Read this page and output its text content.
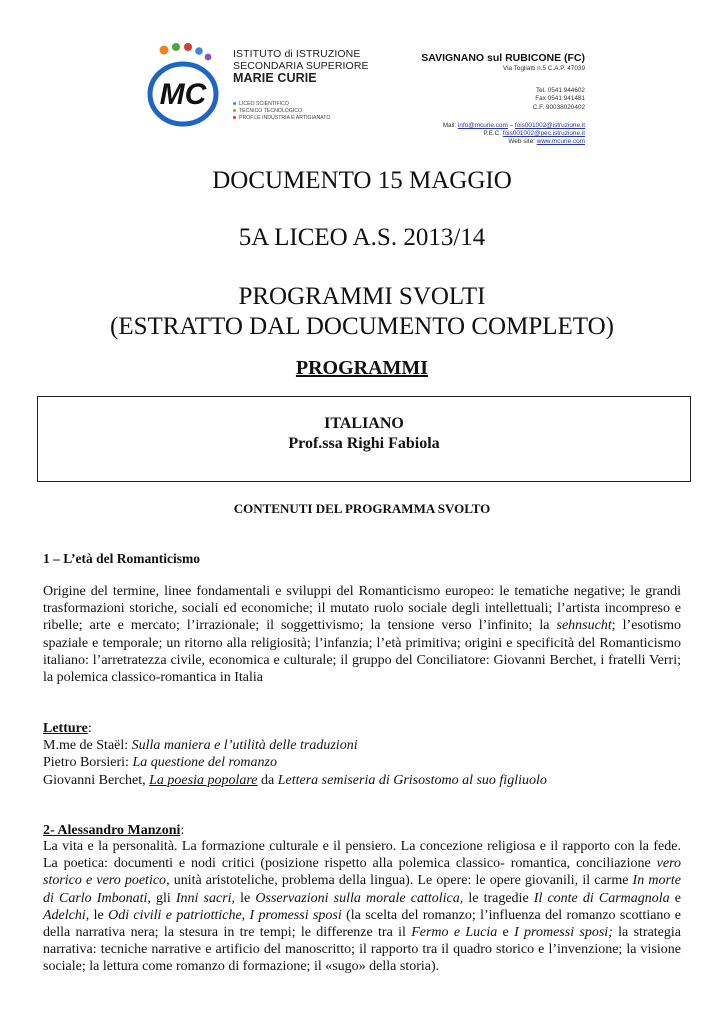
MC
ISTITUTO di ISTRUZIONE
SECONDARIA SUPERIORE
MARIE CURIE
LICEO SCIENTIFICO
TECNICO TECNOLOGICO
PROF.LE INDUSTRIA E ARTIGIANATO
SAVIGNANO sul RUBICONE (FC)
Via Togliatti n.5 C.A.P. 47039
Tel. 0541 944602
Fax 0541 941481
C.F. 90038020402
Mail: info@mcurie.com – fois001002@istruzione.it
P.E.C. fois001002@pec.istruzione.it
Web site: www.mcurie.com
DOCUMENTO 15 MAGGIO
5A LICEO A.S. 2013/14
PROGRAMMI SVOLTI
(ESTRATTO DAL DOCUMENTO COMPLETO)
PROGRAMMI
ITALIANO
Prof.ssa Righi Fabiola
CONTENUTI DEL PROGRAMMA SVOLTO
1 – L’età del Romanticismo
Origine del termine, linee fondamentali e sviluppi del Romanticismo europeo: le tematiche negative; le grandi trasformazioni storiche, sociali ed economiche; il mutato ruolo sociale degli intellettuali; l’artista incompreso e ribelle; arte e mercato; l’irrazionale; il soggettivismo; la tensione verso l’infinito; la sehnsucht; l’esotismo spaziale e temporale; un ritorno alla religiosità; l’infanzia; l’età primitiva; origini e specificità del Romanticismo italiano: l’arretratezza civile, economica e culturale; il gruppo del Conciliatore: Giovanni Berchet, i fratelli Verri; la polemica classico-romantica in Italia
Letture:
M.me de Staël: Sulla maniera e l’utilità delle traduzioni
Pietro Borsieri: La questione del romanzo
Giovanni Berchet, La poesia popolare da Lettera semiseria di Grisostomo al suo figliuolo
2- Alessandro Manzoni:
La vita e la personalità. La formazione culturale e il pensiero. La concezione religiosa e il rapporto con la fede. La poetica: documenti e nodi critici (posizione rispetto alla polemica classico- romantica, conciliazione vero storico e vero poetico, unità aristoteliche, problema della lingua). Le opere: le opere giovanili, il carme In morte di Carlo Imbonati, gli Inni sacri, le Osservazioni sulla morale cattolica, le tragedie Il conte di Carmagnola e Adelchi, le Odi civili e patriottiche, I promessi sposi (la scelta del romanzo; l’influenza del romanzo scottiano e della narrativa nera; la stesura in tre tempi; le differenze tra il Fermo e Lucia e I promessi sposi; la strategia narrativa: tecniche narrative e artificio del manoscritto; il rapporto tra il quadro storico e l’invenzione; la visione sociale; la lettura come romanzo di formazione; il «sugo» della storia).
